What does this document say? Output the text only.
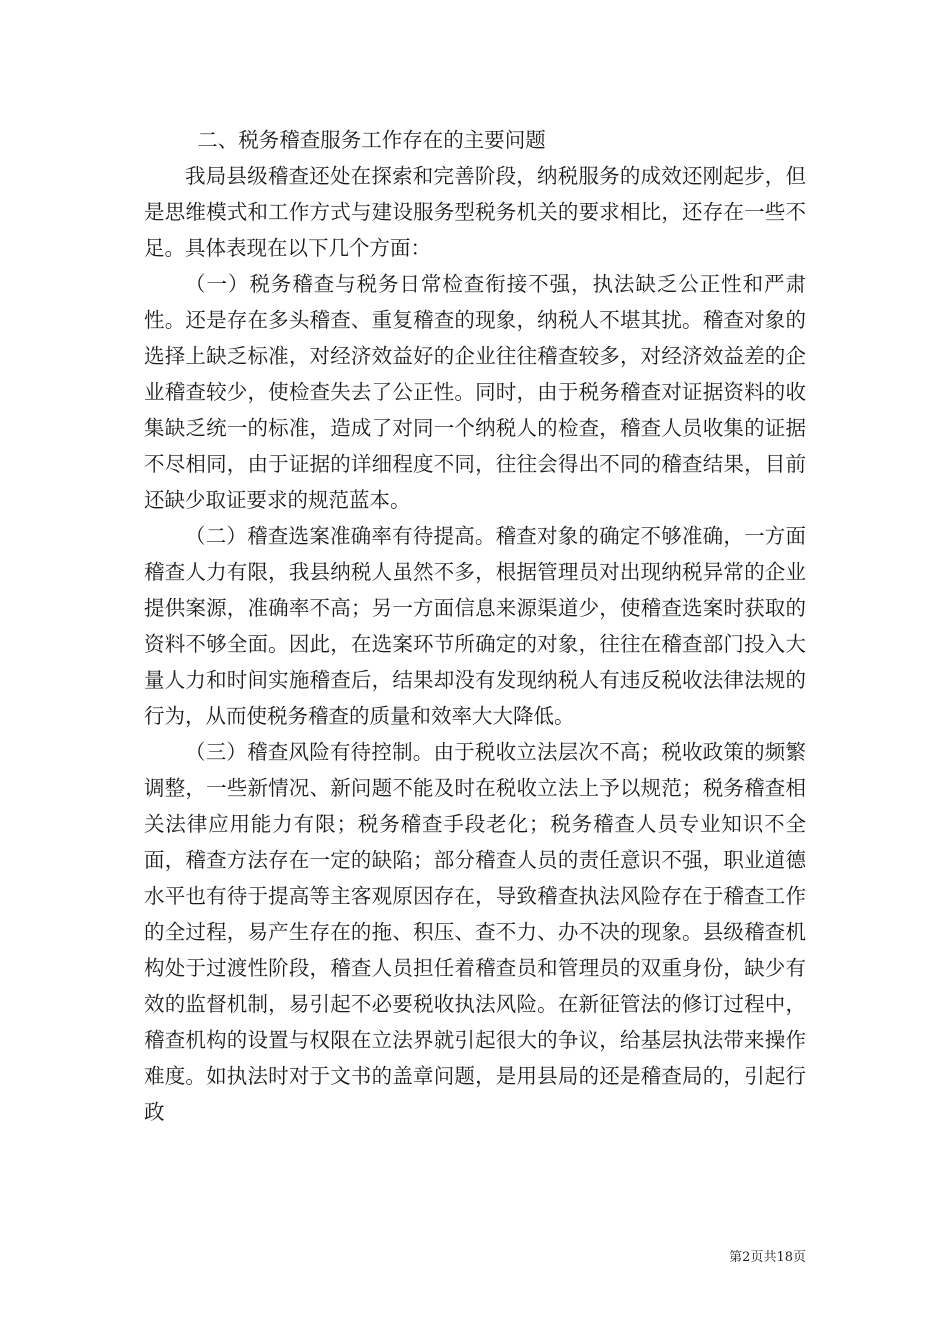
二、税务稽查服务工作存在的主要问题

我局县级稽查还处在探索和完善阶段，纳税服务的成效还刚起步，但是思维模式和工作方式与建设服务型税务机关的要求相比，还存在一些不足。具体表现在以下几个方面：

（一）税务稽查与税务日常检查衔接不强，执法缺乏公正性和严肃性。还是存在多头稽查、重复稽查的现象，纳税人不堪其扰。稽查对象的选择上缺乏标准，对经济效益好的企业往往稽查较多，对经济效益差的企业稽查较少，使检查失去了公正性。同时，由于税务稽查对证据资料的收集缺乏统一的标准，造成了对同一个纳税人的检查，稽查人员收集的证据不尽相同，由于证据的详细程度不同，往往会得出不同的稽查结果，目前还缺少取证要求的规范蓝本。

（二）稽查选案准确率有待提高。稽查对象的确定不够准确，一方面稽查人力有限，我县纳税人虽然不多，根据管理员对出现纳税异常的企业提供案源，准确率不高；另一方面信息来源渠道少，使稽查选案时获取的资料不够全面。因此，在选案环节所确定的对象，往往在稽查部门投入大量人力和时间实施稽查后，结果却没有发现纳税人有违反税收法律法规的行为，从而使税务稽查的质量和效率大大降低。

（三）稽查风险有待控制。由于税收立法层次不高；税收政策的频繁调整，一些新情况、新问题不能及时在税收立法上予以规范；税务稽查相关法律应用能力有限；税务稽查手段老化；税务稽查人员专业知识不全面，稽查方法存在一定的缺陷；部分稽查人员的责任意识不强，职业道德水平也有待于提高等主客观原因存在，导致稽查执法风险存在于稽查工作的全过程，易产生存在的拖、积压、查不力、办不决的现象。县级稽查机构处于过渡性阶段，稽查人员担任着稽查员和管理员的双重身份，缺少有效的监督机制，易引起不必要税收执法风险。在新征管法的修订过程中，稽查机构的设置与权限在立法界就引起很大的争议，给基层执法带来操作难度。如执法时对于文书的盖章问题，是用县局的还是稽查局的，引起行政

第2页共18页
